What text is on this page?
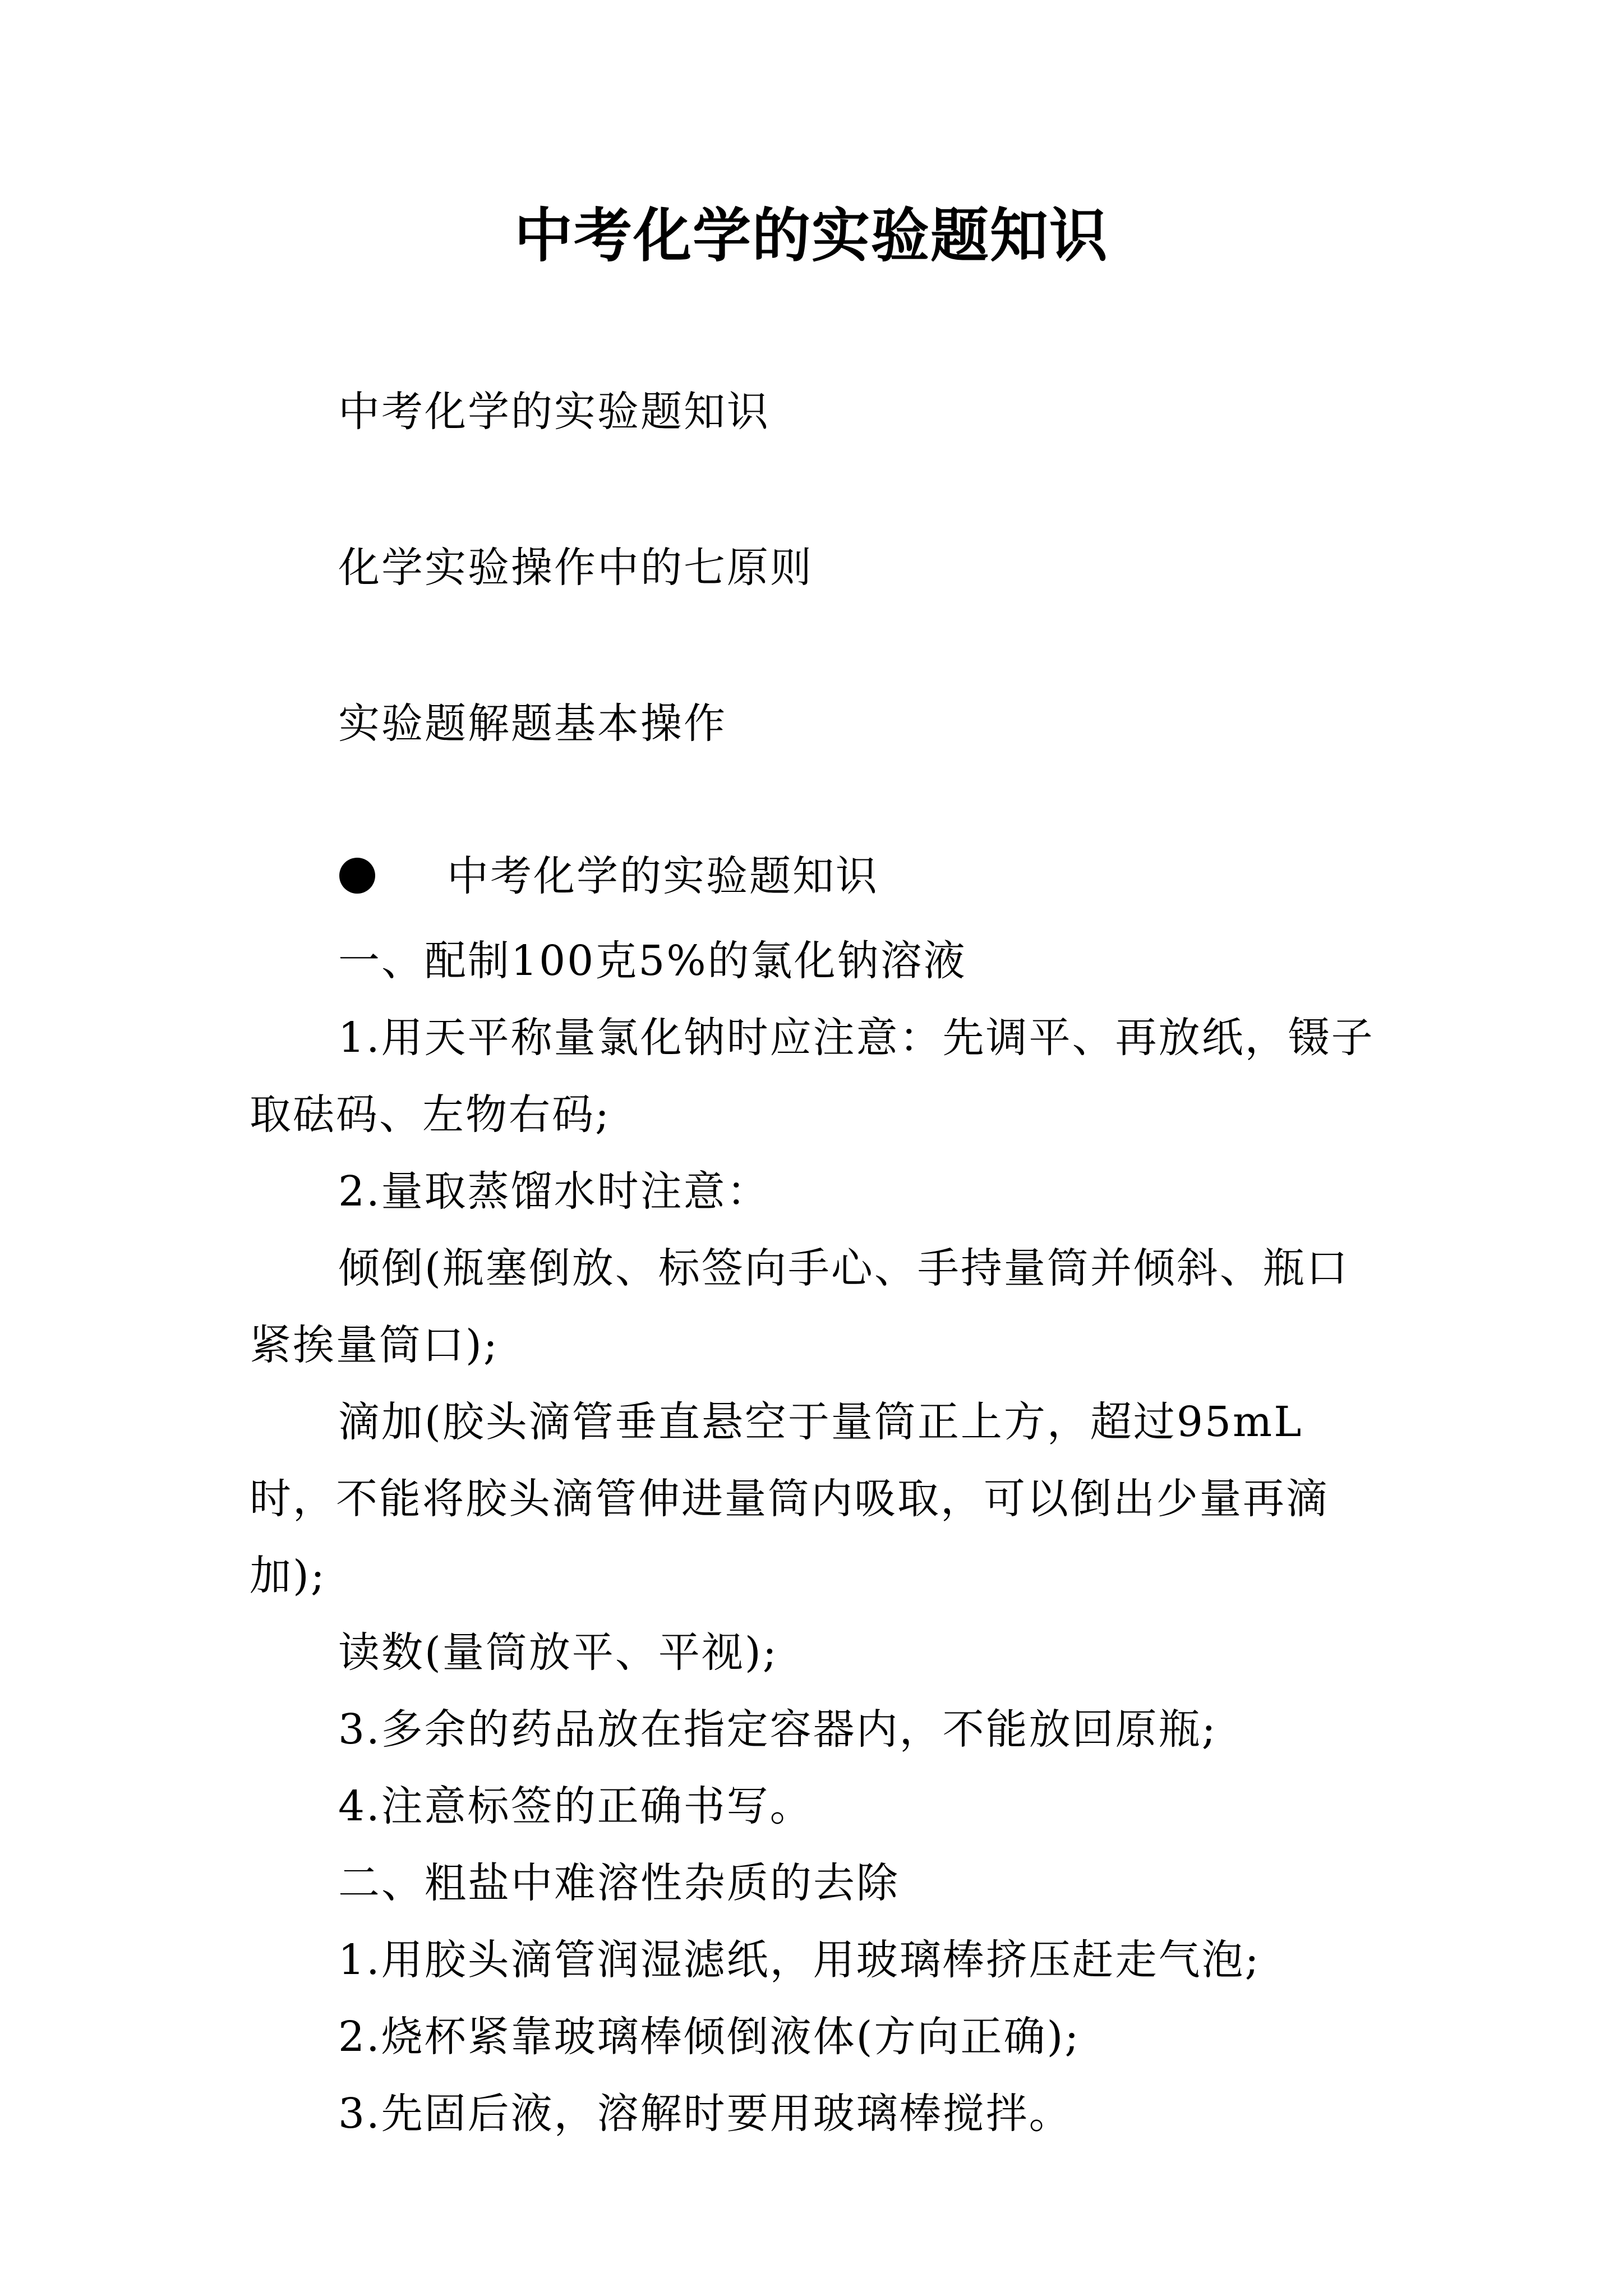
中考化学的实验题知识
中考化学的实验题知识
化学实验操作中的七原则
实验题解题基本操作
中考化学的实验题知识

一、配制100克5%的氯化钠溶液

1.用天平称量氯化钠时应注意：先调平、再放纸，镊子取砝码、左物右码;

2.量取蒸馏水时注意：

倾倒(瓶塞倒放、标签向手心、手持量筒并倾斜、瓶口紧挨量筒口);

滴加(胶头滴管垂直悬空于量筒正上方，超过95mL时，不能将胶头滴管伸进量筒内吸取，可以倒出少量再滴加);

读数(量筒放平、平视);

3.多余的药品放在指定容器内，不能放回原瓶;

4.注意标签的正确书写。

二、粗盐中难溶性杂质的去除

1.用胶头滴管润湿滤纸，用玻璃棒挤压赶走气泡;

2.烧杯紧靠玻璃棒倾倒液体(方向正确);

3.先固后液，溶解时要用玻璃棒搅拌。
